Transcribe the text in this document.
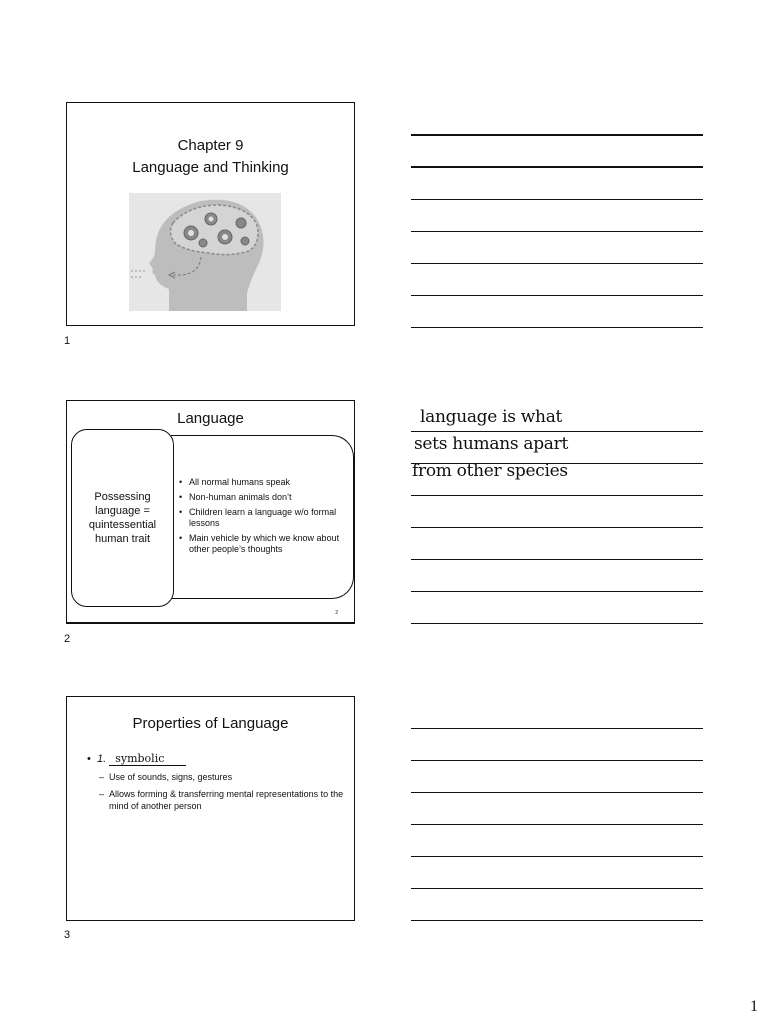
Chapter 9
Language and Thinking
1
Language
Possessing language = quintessential human trait
• All normal humans speak
• Non-human animals don’t
• Children learn a language w/o formal lessons
• Main vehicle by which we know about other people’s thoughts
2
2
Properties of Language
•  1. symbolic
– Use of sounds, signs, gestures
– Allows forming & transferring mental representations to the mind of another person
3
language is what
sets humans apart
from other species
1
